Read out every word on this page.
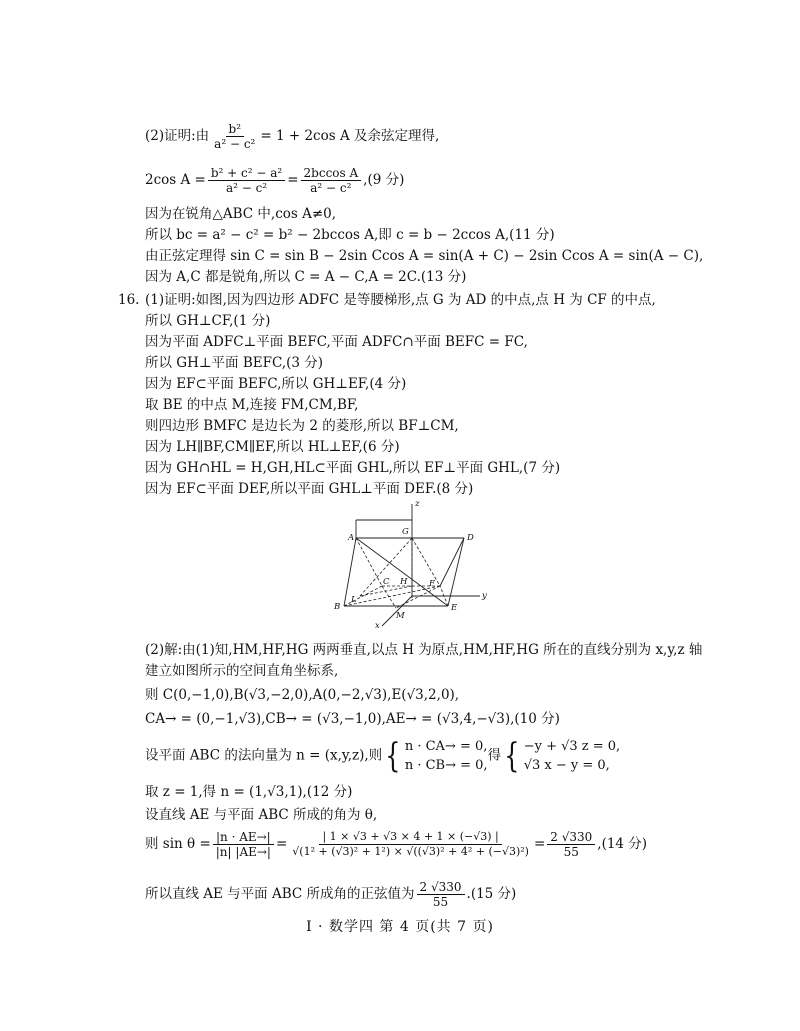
(2)证明:由 $\frac{\text{b²}}{\text{a² − c²}} = 1 + 2\cos$ A 及余弦定理得,
2cos $A = \frac{\text{b² + c² − a²}}{\text{a² − c²}} = \frac{\text{2bccos A}}{\text{a² − c²}} ,(9$ 分)
因为在锐角△ABC 中,cos A≠0,
所以 bc = a² − c² = b² − 2bccos A,即 c = b − 2ccos A,(11 分)
由正弦定理得 sin C = sin B − 2sin Ccos A = sin(A + C) − 2sin Ccos A = sin(A − C),
因为 A,C 都是锐角,所以 C = A − C,A = 2C.(13 分)
16. (1)证明:如图,因为四边形 ADFC 是等腰梯形,点 G 为 AD 的中点,点 H 为 CF 的中点,
所以 GH⊥CF,(1 分)
因为平面 ADFC⊥平面 BEFC,平面 ADFC∩平面 BEFC = FC,
所以 GH⊥平面 BEFC,(3 分)
因为 EF⊂平面 BEFC,所以 GH⊥EF,(4 分)
取 BE 的中点 M,连接 FM,CM,BF,
则四边形 BMFC 是边长为 2 的菱形,所以 BF⊥CM,
因为 LH∥BF,CM∥EF,所以 HL⊥EF,(6 分)
因为 GH∩HL = H,GH,HL⊂平面 GHL,所以 EF⊥平面 GHL,(7 分)
因为 EF⊂平面 DEF,所以平面 GHL⊥平面 DEF.(8 分)
A
G
z
D
C H	F
y
L
B
M
E
x
(2)解:由(1)知,HM,HF,HG 两两垂直,以点 H 为原点,HM,HF,HG 所在的直线分别为 x,y,z 轴
建立如图所示的空间直角坐标系,
则 C(0,−1,0),B(√3,−2,0),A(0,−2,√3),E(√3,2,0),
CA→ = (0,−1,√3),CB→ = (√3,−1,0),AE→ = (√3,4,−√3),(10 分)
设平面 ABC 的法向量为 n = (x,y,z),则 { n · CA→ = 0,
n · CB→ = 0,
得 { −y + √3 z = 0,
√3 x − y = 0,
取 z = 1,得 n = (1,√3,1),(12 分)
设直线 AE 与平面 ABC 所成的角为 θ,
则 $\sin \theta = \frac{|n \cdot AE\to|}{|n| |AE\to|} = \frac{| 1 \times √3 + √3 \times 4 + 1 \times (-√3) |}{\text{√(1² + (√3)² + 1²) × √((√3)² + 4² + (−√3)²)}} = \frac{2 √330}{55} ,(14$ 分)
所以直线 AE 与平面 ABC 所成角的正弦值为 $\frac{2 √330}{55} .(15$ 分)
Ⅰ · 数学四 第 4 页(共 7 页)
